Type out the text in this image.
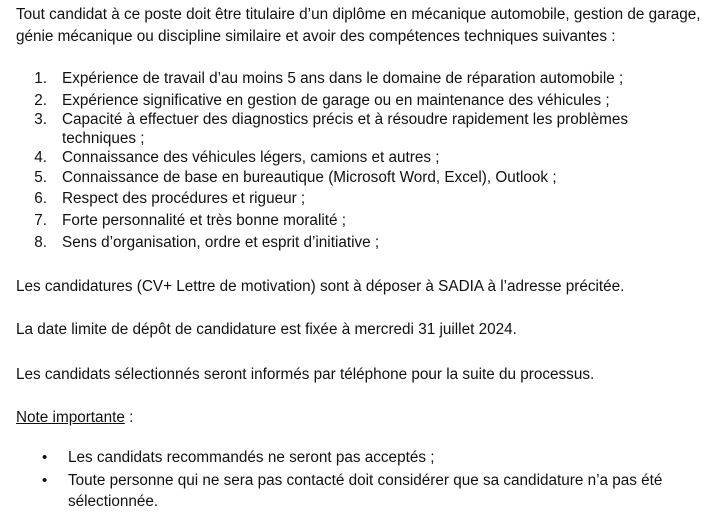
Tout candidat à ce poste doit être titulaire d’un diplôme en mécanique automobile, gestion de garage,
génie mécanique ou discipline similaire et avoir des compétences techniques suivantes :
1. Expérience de travail d’au moins 5 ans dans le domaine de réparation automobile ;
2. Expérience significative en gestion de garage ou en maintenance des véhicules ;
3. Capacité à effectuer des diagnostics précis et à résoudre rapidement les problèmes
techniques ;
4. Connaissance des véhicules légers, camions et autres ;
5. Connaissance de base en bureautique (Microsoft Word, Excel), Outlook ;
6. Respect des procédures et rigueur ;
7. Forte personnalité et très bonne moralité ;
8. Sens d’organisation, ordre et esprit d’initiative ;
Les candidatures (CV+ Lettre de motivation) sont à déposer à SADIA à l’adresse précitée.
La date limite de dépôt de candidature est fixée à mercredi 31 juillet 2024.
Les candidats sélectionnés seront informés par téléphone pour la suite du processus.
Note importante :
• Les candidats recommandés ne seront pas acceptés ;
• Toute personne qui ne sera pas contacté doit considérer que sa candidature n’a pas été
sélectionnée.
